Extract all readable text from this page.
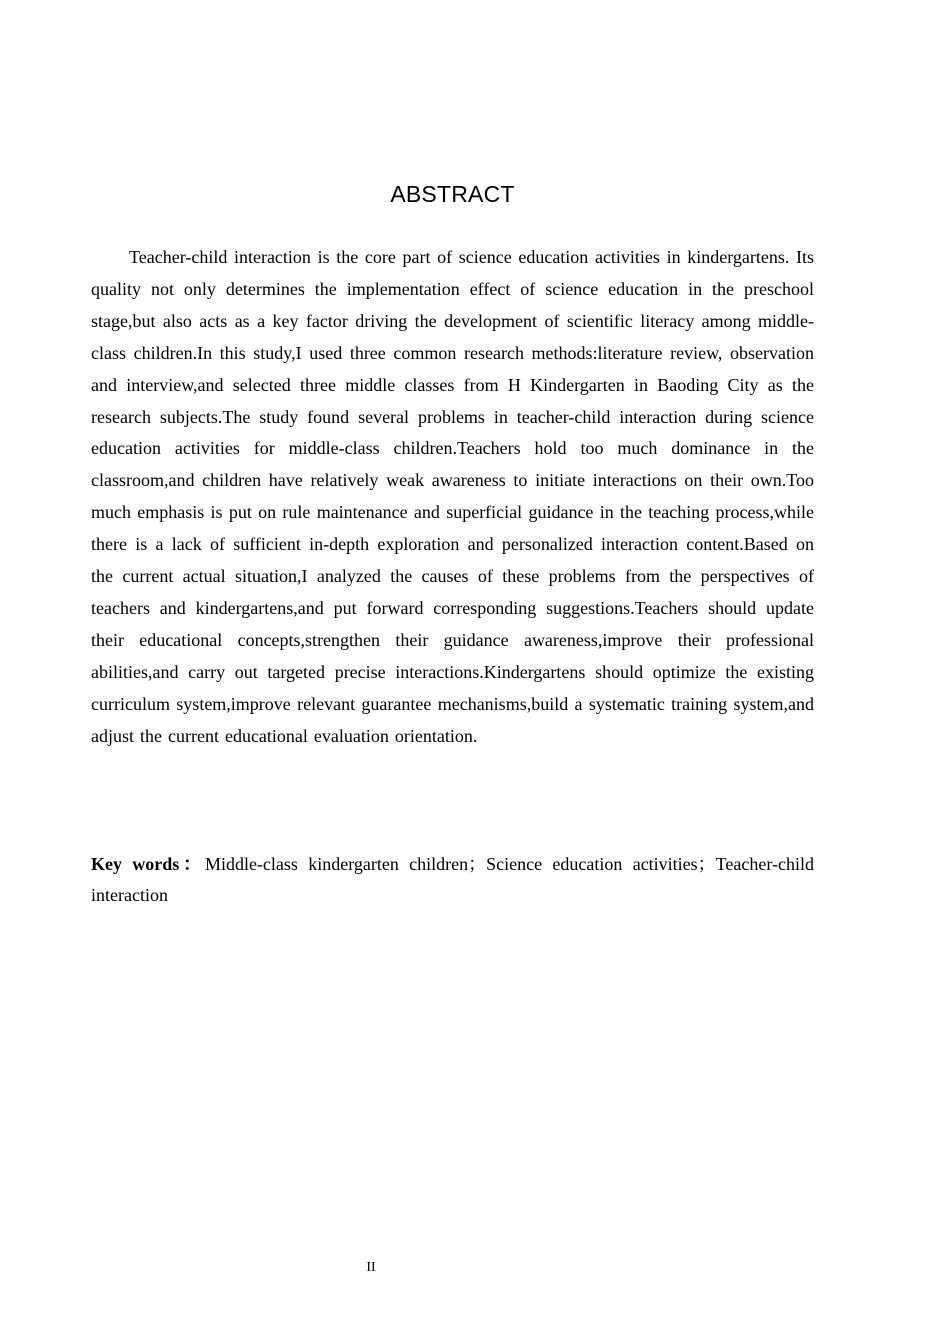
ABSTRACT

Teacher-child interaction is the core part of science education activities in kindergartens. Its quality not only determines the implementation effect of science education in the preschool stage,but also acts as a key factor driving the development of scientific literacy among middle-class children.In this study,I used three common research methods:literature review, observation and interview,and selected three middle classes from H Kindergarten in Baoding City as the research subjects.The study found several problems in teacher-child interaction during science education activities for middle-class children.Teachers hold too much dominance in the classroom,and children have relatively weak awareness to initiate interactions on their own.Too much emphasis is put on rule maintenance and superficial guidance in the teaching process,while there is a lack of sufficient in-depth exploration and personalized interaction content.Based on the current actual situation,I analyzed the causes of these problems from the perspectives of teachers and kindergartens,and put forward corresponding suggestions.Teachers should update their educational concepts,strengthen their guidance awareness,improve their professional abilities,and carry out targeted precise interactions.Kindergartens should optimize the existing curriculum system,improve relevant guarantee mechanisms,build a systematic training system,and adjust the current educational evaluation orientation.

Key words：Middle-class kindergarten children；Science education activities；Teacher-child interaction

II
